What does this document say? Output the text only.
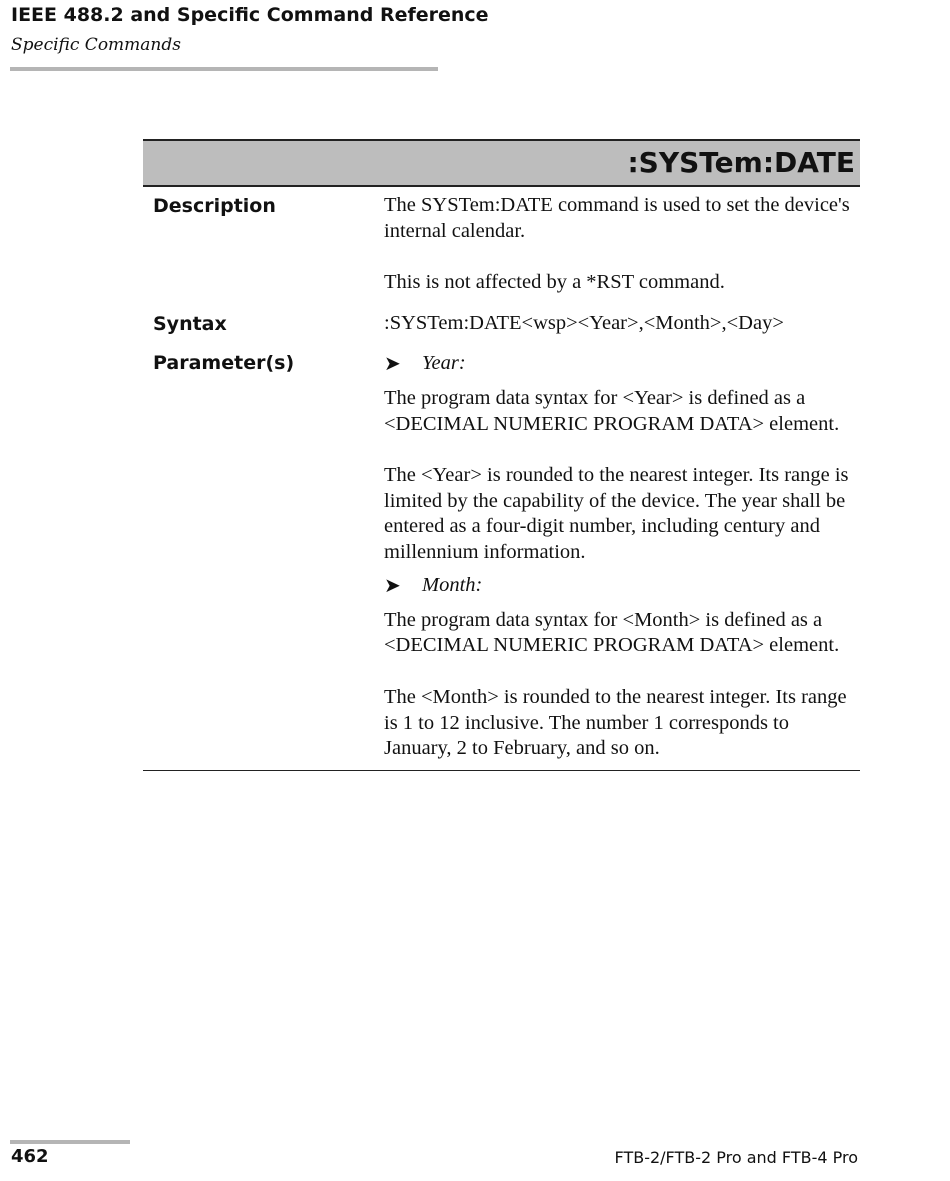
IEEE 488.2 and Specific Command Reference
Specific Commands
:SYSTem:DATE
Description	The SYSTem:DATE command is used to set the device's internal calendar.

This is not affected by a *RST command.

Syntax	:SYSTem:DATE<wsp><Year>,<Month>,<Day>

Parameter(s)	➤	Year:

The program data syntax for <Year> is defined as a <DECIMAL NUMERIC PROGRAM DATA> element.

The <Year> is rounded to the nearest integer. Its range is limited by the capability of the device. The year shall be entered as a four-digit number, including century and millennium information.

➤	Month:

The program data syntax for <Month> is defined as a <DECIMAL NUMERIC PROGRAM DATA> element.

The <Month> is rounded to the nearest integer. Its range is 1 to 12 inclusive. The number 1 corresponds to January, 2 to February, and so on.

462	FTB-2/FTB-2 Pro and FTB-4 Pro
